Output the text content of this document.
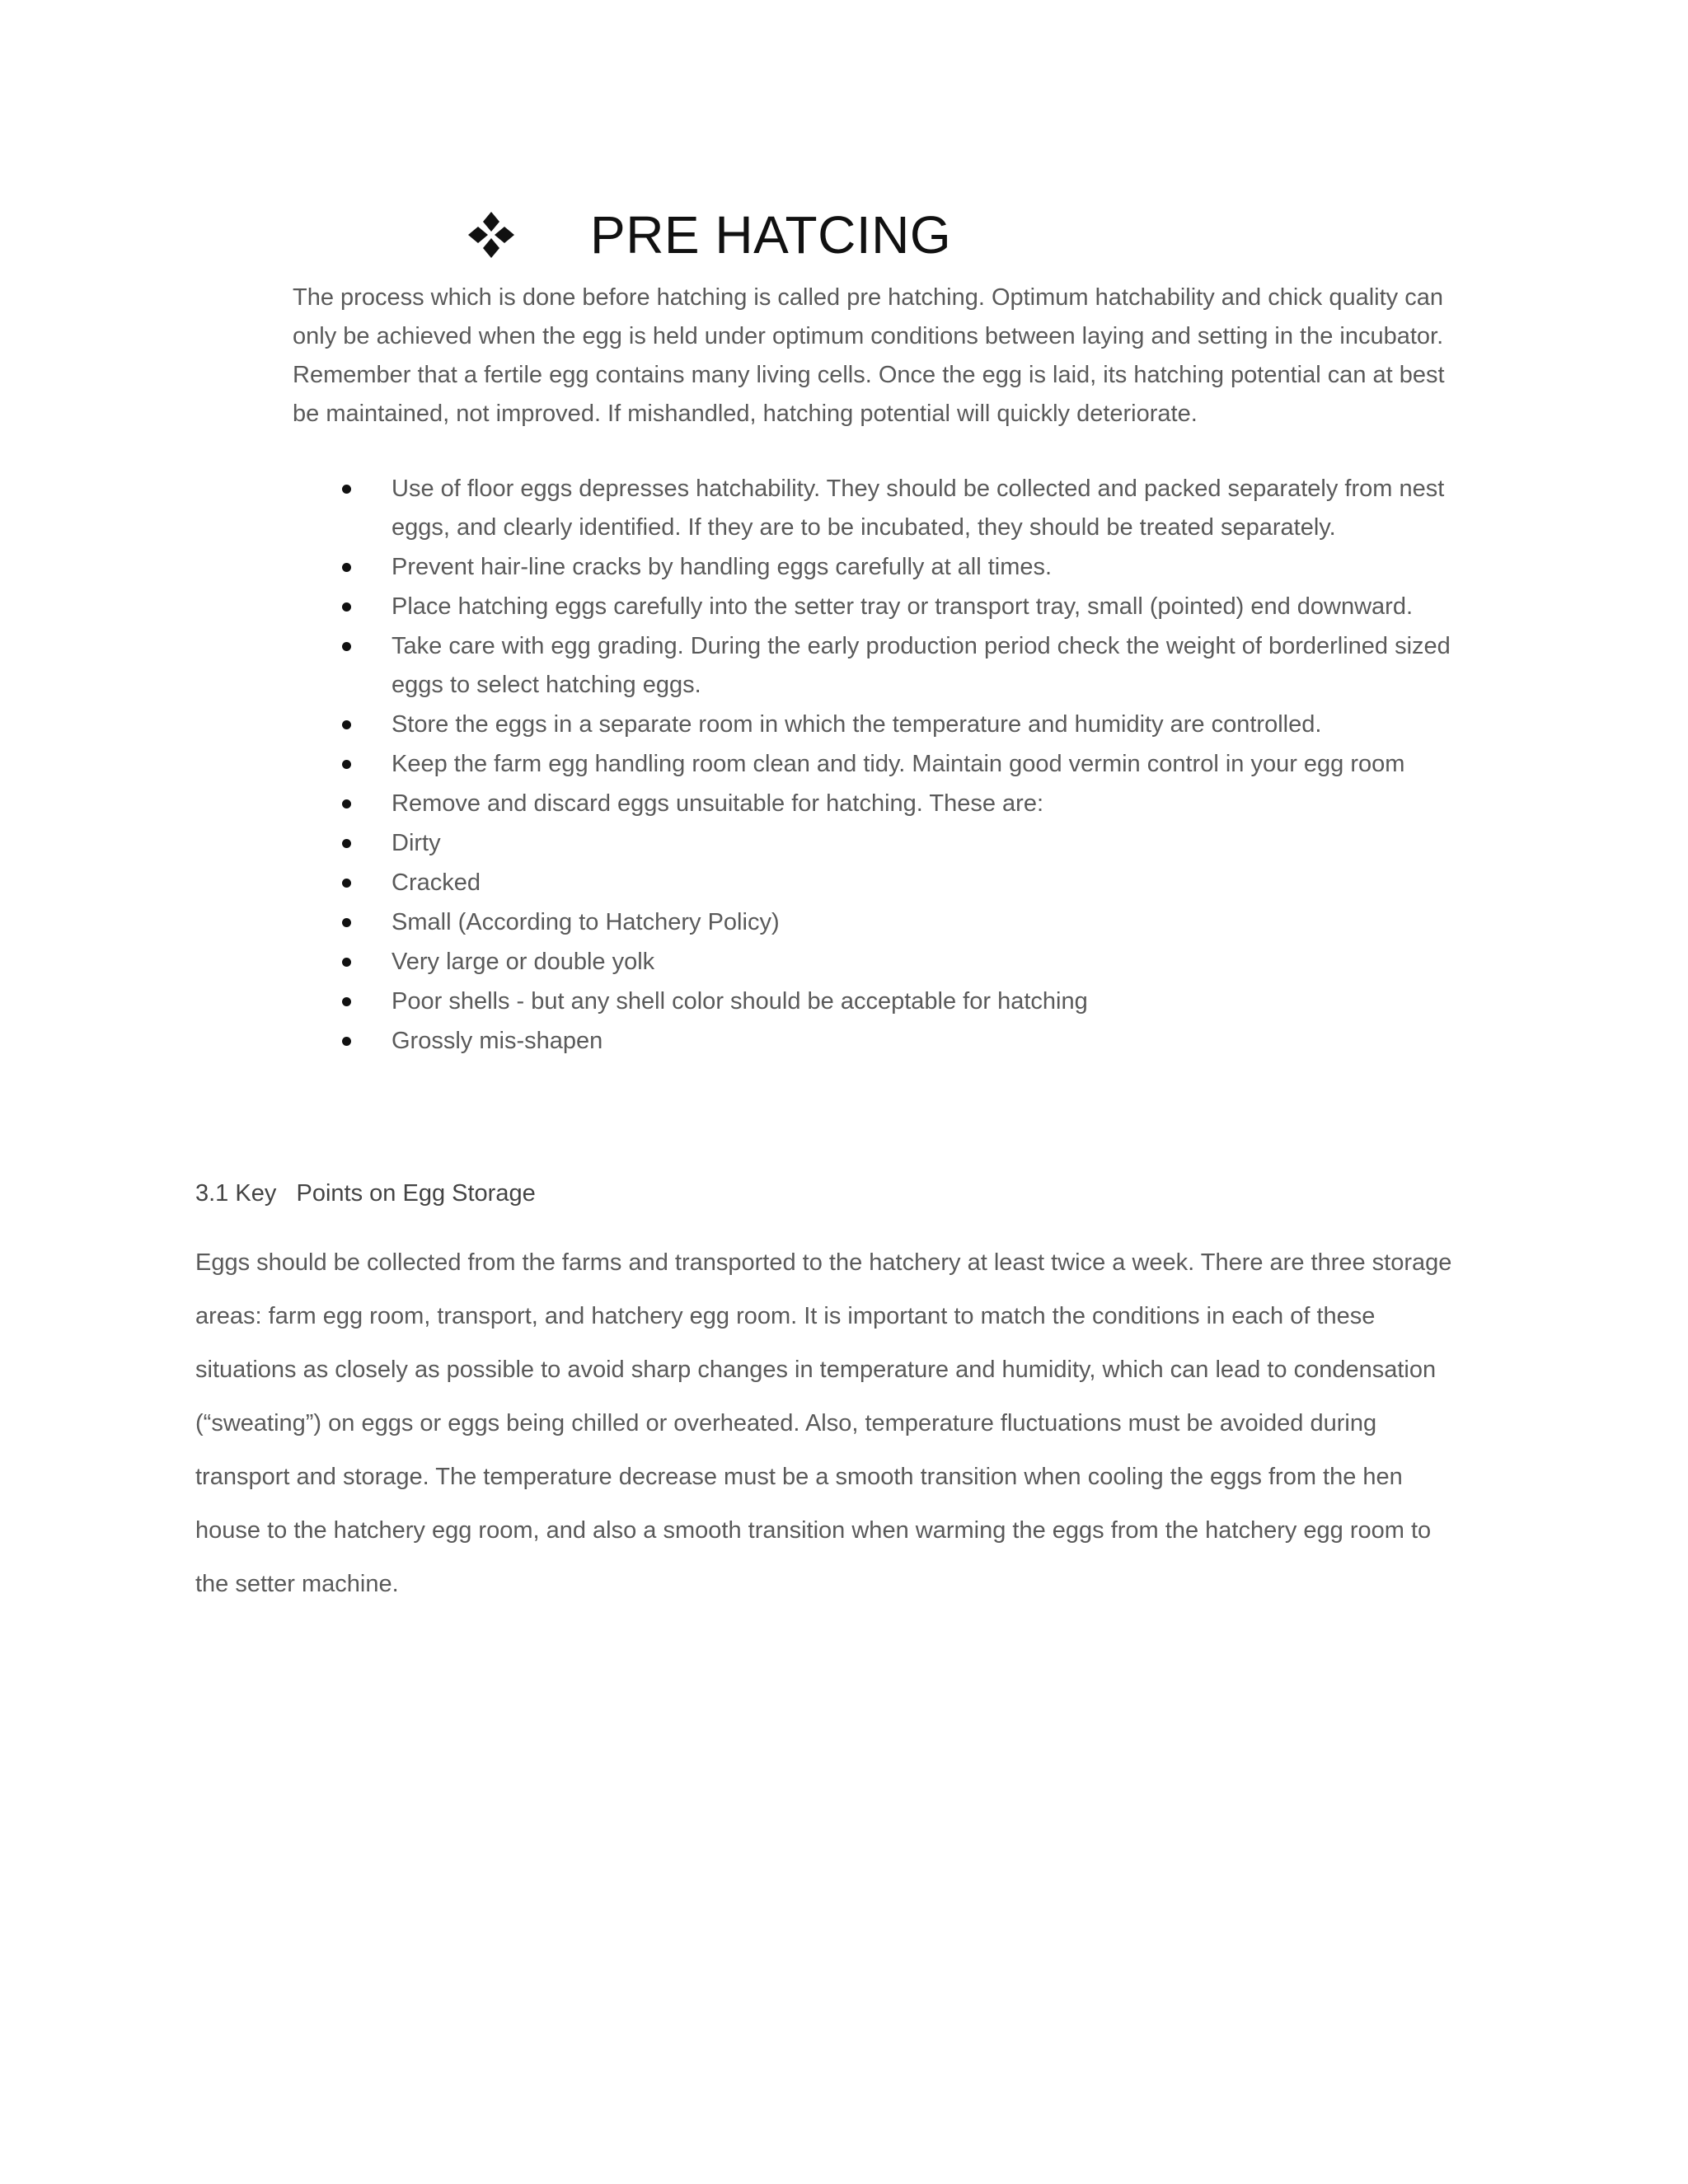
PRE HATCING

The process which is done before hatching is called pre hatching. Optimum hatchability and chick quality can only be achieved when the egg is held under optimum conditions between laying and setting in the incubator. Remember that a fertile egg contains many living cells. Once the egg is laid, its hatching potential can at best be maintained, not improved. If mishandled, hatching potential will quickly deteriorate.

Use of floor eggs depresses hatchability. They should be collected and packed separately from nest eggs, and clearly identified. If they are to be incubated, they should be treated separately.
Prevent hair-line cracks by handling eggs carefully at all times.
Place hatching eggs carefully into the setter tray or transport tray, small (pointed) end downward.
Take care with egg grading. During the early production period check the weight of borderlined sized eggs to select hatching eggs.
Store the eggs in a separate room in which the temperature and humidity are controlled.
Keep the farm egg handling room clean and tidy. Maintain good vermin control in your egg room
Remove and discard eggs unsuitable for hatching. These are:
Dirty
Cracked
Small (According to Hatchery Policy)
Very large or double yolk
Poor shells - but any shell color should be acceptable for hatching
Grossly mis-shapen
3.1 Key   Points on Egg Storage

Eggs should be collected from the farms and transported to the hatchery at least twice a week. There are three storage areas: farm egg room, transport, and hatchery egg room. It is important to match the conditions in each of these situations as closely as possible to avoid sharp changes in temperature and humidity, which can lead to condensation (“sweating”) on eggs or eggs being chilled or overheated. Also, temperature fluctuations must be avoided during transport and storage. The temperature decrease must be a smooth transition when cooling the eggs from the hen house to the hatchery egg room, and also a smooth transition when warming the eggs from the hatchery egg room to the setter machine.
